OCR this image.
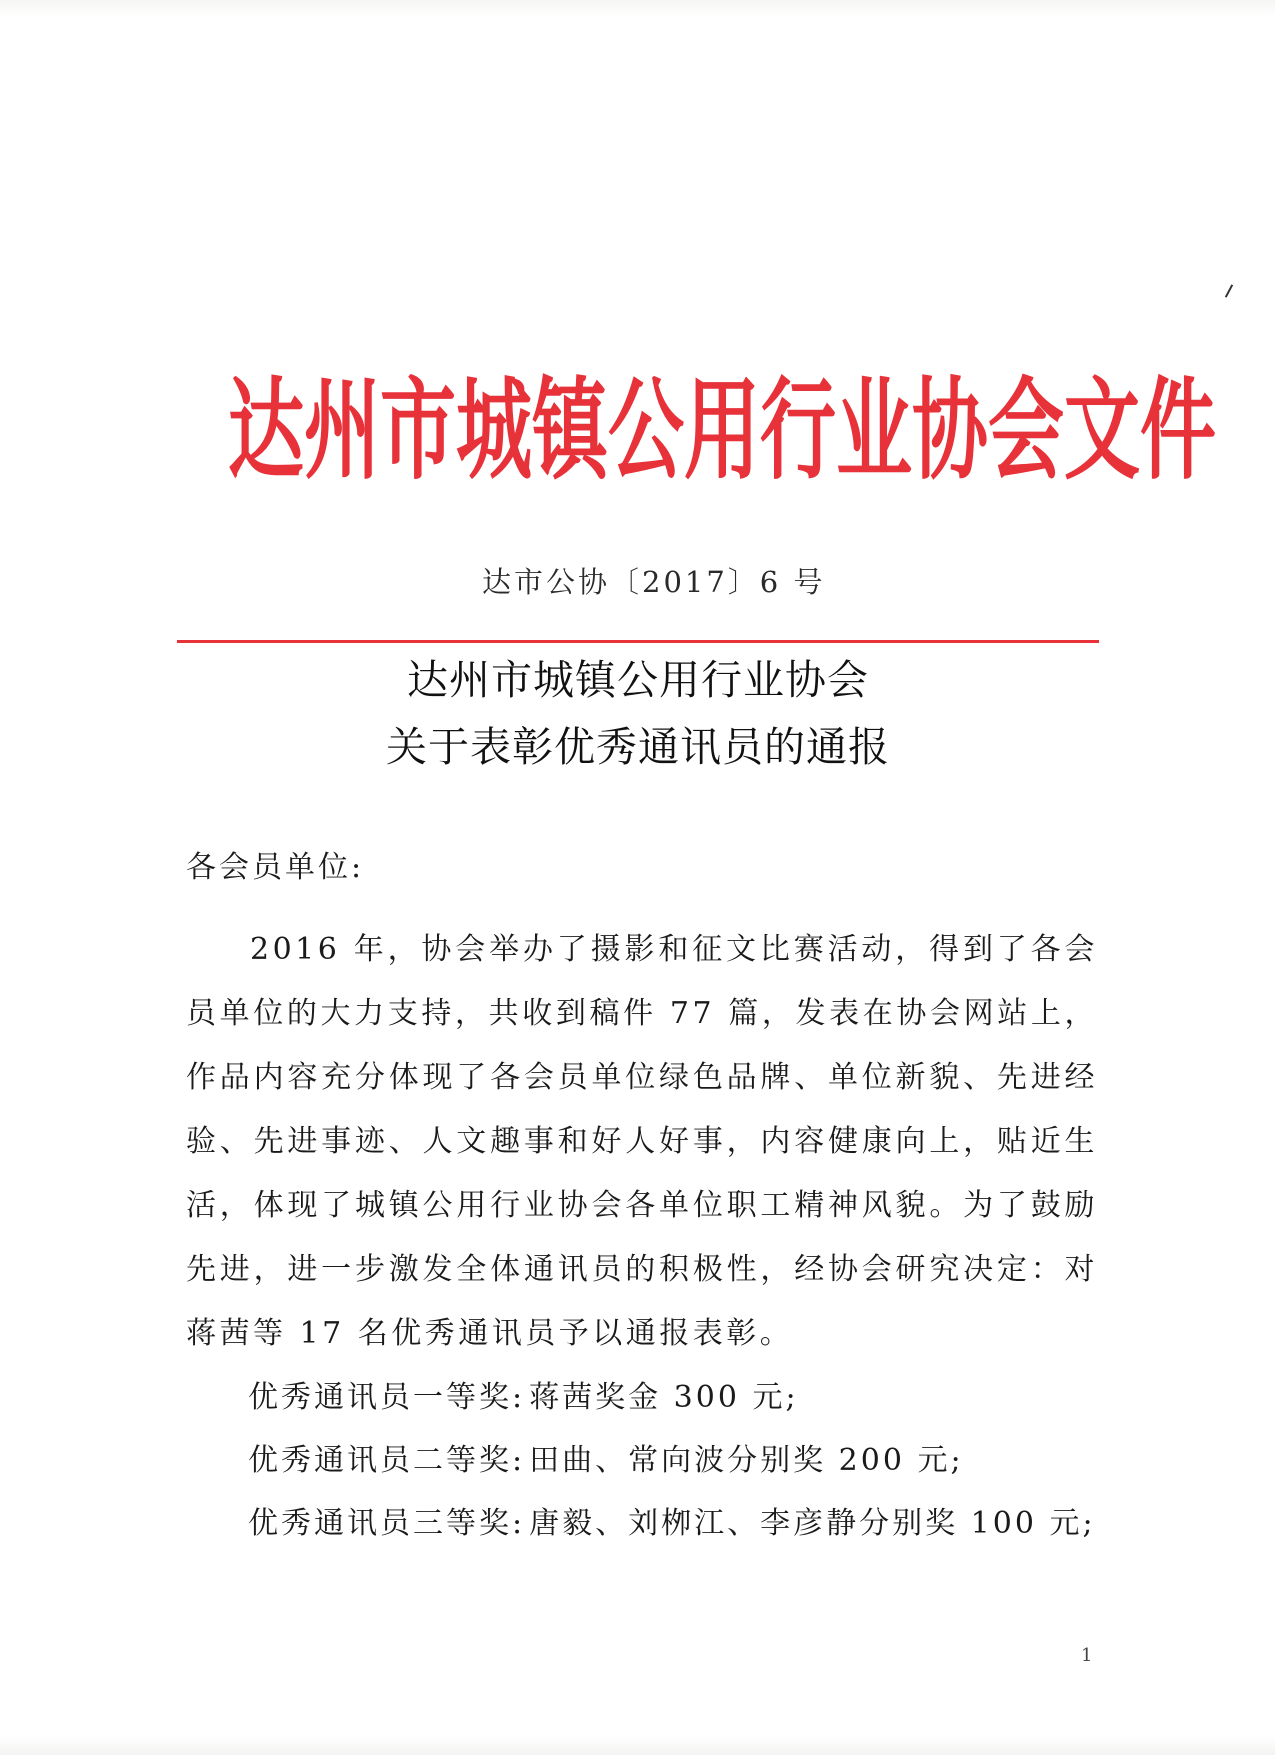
达州市城镇公用行业协会文件
达市公协〔2017〕6 号
达州市城镇公用行业协会
关于表彰优秀通讯员的通报
各会员单位:

2016 年，协会举办了摄影和征文比赛活动，得到了各会员单位的大力支持，共收到稿件 77 篇，发表在协会网站上，作品内容充分体现了各会员单位绿色品牌、单位新貌、先进经验、先进事迹、人文趣事和好人好事，内容健康向上，贴近生活，体现了城镇公用行业协会各单位职工精神风貌。为了鼓励先进，进一步激发全体通讯员的积极性，经协会研究决定：对蒋茜等 17 名优秀通讯员予以通报表彰。

优秀通讯员一等奖: 蒋茜奖金 300 元;
优秀通讯员二等奖: 田曲、常向波分别奖 200 元;
优秀通讯员三等奖: 唐毅、刘栁江、李彦静分别奖 100 元;
1
